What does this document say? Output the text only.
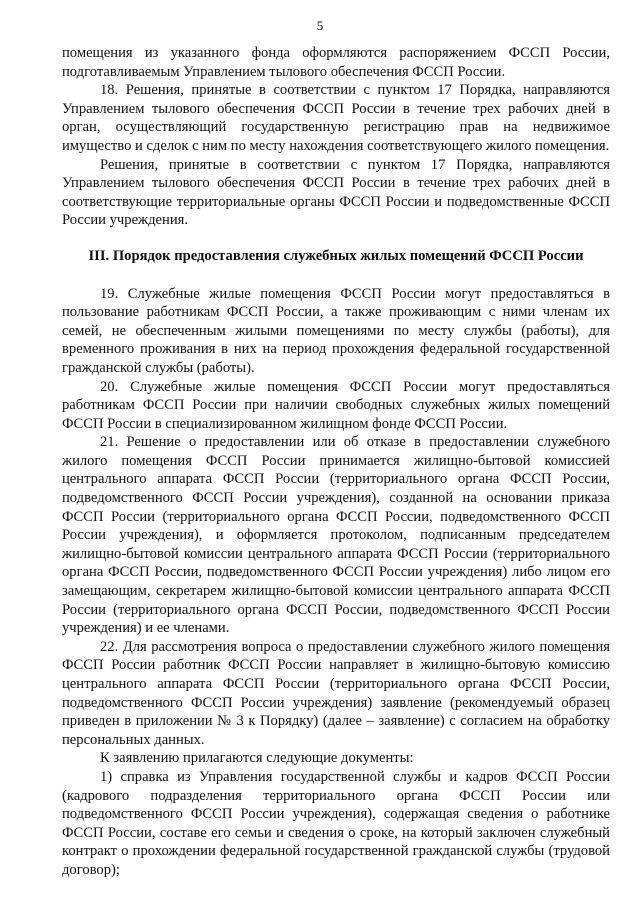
5

помещения из указанного фонда оформляются распоряжением ФССП России, подготавливаемым Управлением тылового обеспечения ФССП России.

18. Решения, принятые в соответствии с пунктом 17 Порядка, направляются Управлением тылового обеспечения ФССП России в течение трех рабочих дней в орган, осуществляющий государственную регистрацию прав на недвижимое имущество и сделок с ним по месту нахождения соответствующего жилого помещения.

Решения, принятые в соответствии с пунктом 17 Порядка, направляются Управлением тылового обеспечения ФССП России в течение трех рабочих дней в соответствующие территориальные органы ФССП России и подведомственные ФССП России учреждения.

III. Порядок предоставления служебных жилых помещений ФССП России

19. Служебные жилые помещения ФССП России могут предоставляться в пользование работникам ФССП России, а также проживающим с ними членам их семей, не обеспеченным жилыми помещениями по месту службы (работы), для временного проживания в них на период прохождения федеральной государственной гражданской службы (работы).

20. Служебные жилые помещения ФССП России могут предоставляться работникам ФССП России при наличии свободных служебных жилых помещений ФССП России в специализированном жилищном фонде ФССП России.

21. Решение о предоставлении или об отказе в предоставлении служебного жилого помещения ФССП России принимается жилищно-бытовой комиссией центрального аппарата ФССП России (территориального органа ФССП России, подведомственного ФССП России учреждения), созданной на основании приказа ФССП России (территориального органа ФССП России, подведомственного ФССП России учреждения), и оформляется протоколом, подписанным председателем жилищно-бытовой комиссии центрального аппарата ФССП России (территориального органа ФССП России, подведомственного ФССП России учреждения) либо лицом его замещающим, секретарем жилищно-бытовой комиссии центрального аппарата ФССП России (территориального органа ФССП России, подведомственного ФССП России учреждения) и ее членами.

22. Для рассмотрения вопроса о предоставлении служебного жилого помещения ФССП России работник ФССП России направляет в жилищно-бытовую комиссию центрального аппарата ФССП России (территориального органа ФССП России, подведомственного ФССП России учреждения) заявление (рекомендуемый образец приведен в приложении № 3 к Порядку) (далее – заявление) с согласием на обработку персональных данных.

К заявлению прилагаются следующие документы:

1) справка из Управления государственной службы и кадров ФССП России (кадрового подразделения территориального органа ФССП России или подведомственного ФССП России учреждения), содержащая сведения о работнике ФССП России, составе его семьи и сведения о сроке, на который заключен служебный контракт о прохождении федеральной государственной гражданской службы (трудовой договор);
